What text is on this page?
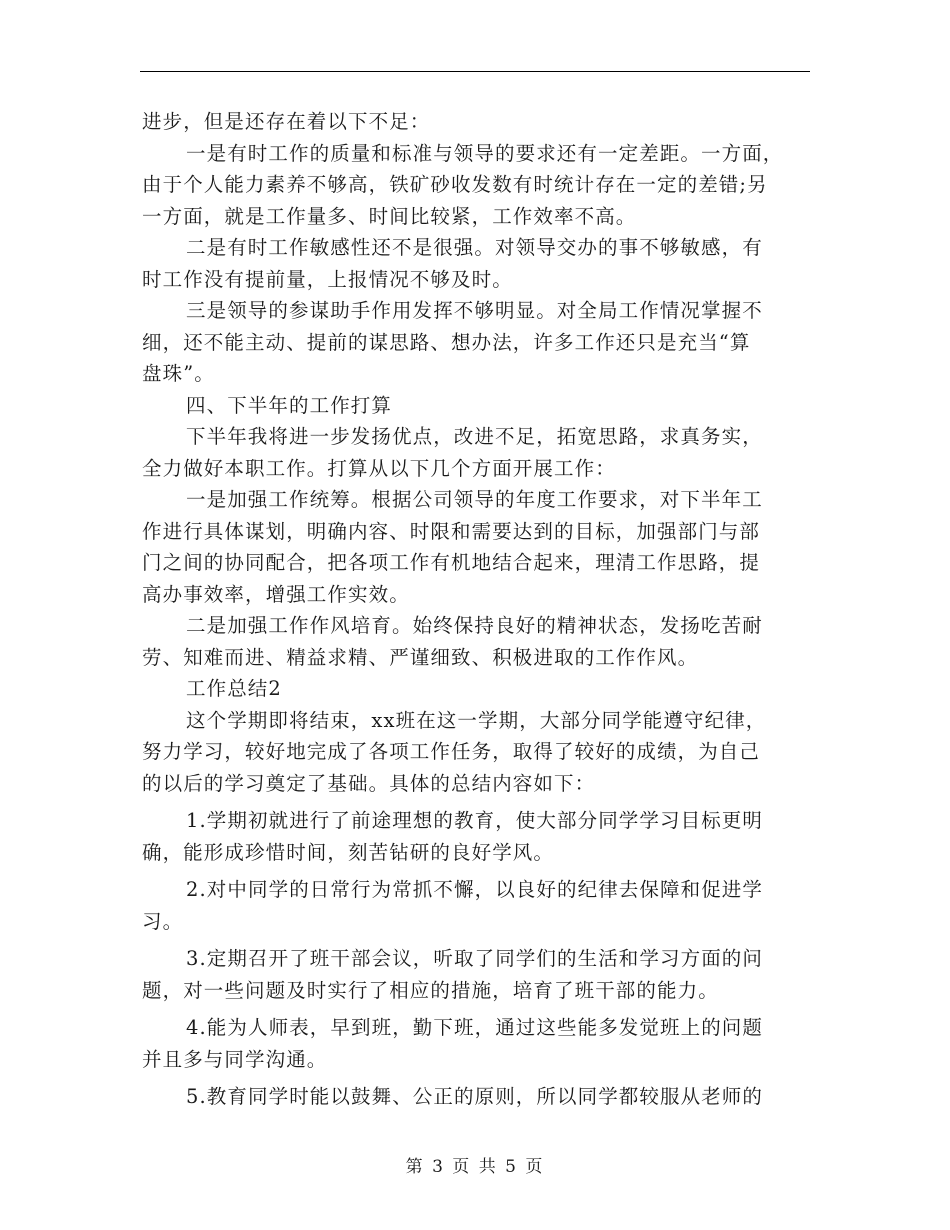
进步，但是还存在着以下不足：
一是有时工作的质量和标准与领导的要求还有一定差距。一方面，
由于个人能力素养不够高，铁矿砂收发数有时统计存在一定的差错;另
一方面，就是工作量多、时间比较紧，工作效率不高。
二是有时工作敏感性还不是很强。对领导交办的事不够敏感，有
时工作没有提前量，上报情况不够及时。
三是领导的参谋助手作用发挥不够明显。对全局工作情况掌握不
细，还不能主动、提前的谋思路、想办法，许多工作还只是充当“算
盘珠”。
四、下半年的工作打算
下半年我将进一步发扬优点，改进不足，拓宽思路，求真务实，
全力做好本职工作。打算从以下几个方面开展工作：
一是加强工作统筹。根据公司领导的年度工作要求，对下半年工
作进行具体谋划，明确内容、时限和需要达到的目标，加强部门与部
门之间的协同配合，把各项工作有机地结合起来，理清工作思路，提
高办事效率，增强工作实效。
二是加强工作作风培育。始终保持良好的精神状态，发扬吃苦耐
劳、知难而进、精益求精、严谨细致、积极进取的工作作风。
工作总结2
这个学期即将结束，xx班在这一学期，大部分同学能遵守纪律，
努力学习，较好地完成了各项工作任务，取得了较好的成绩，为自己
的以后的学习奠定了基础。具体的总结内容如下：
1.学期初就进行了前途理想的教育，使大部分同学学习目标更明
确，能形成珍惜时间，刻苦钻研的良好学风。
2.对中同学的日常行为常抓不懈，以良好的纪律去保障和促进学
习。
3.定期召开了班干部会议，听取了同学们的生活和学习方面的问
题，对一些问题及时实行了相应的措施，培育了班干部的能力。
4.能为人师表，早到班，勤下班，通过这些能多发觉班上的问题
并且多与同学沟通。
5.教育同学时能以鼓舞、公正的原则，所以同学都较服从老师的
第 3 页 共 5 页
